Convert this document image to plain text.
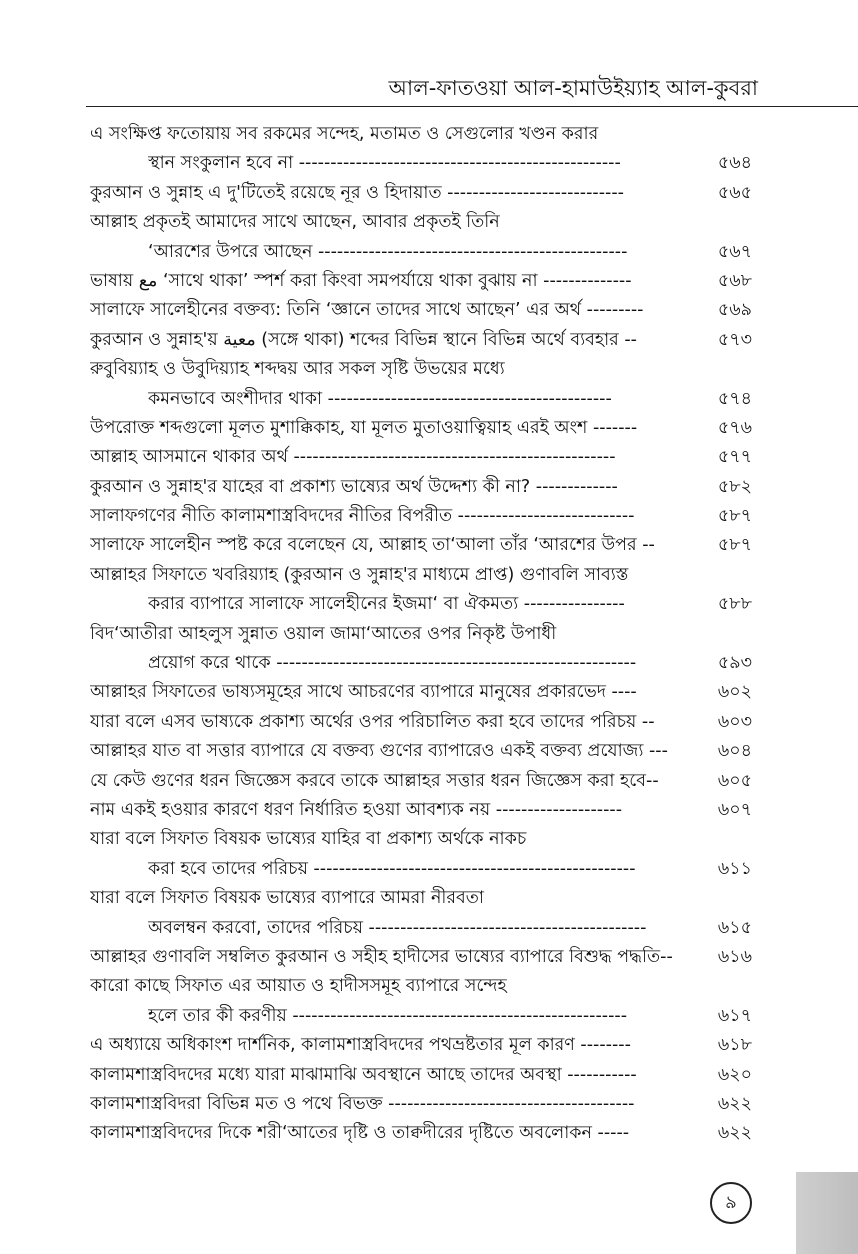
আল-ফাতওয়া আল-হামাউইয়্যাহ আল-কুবরা
এ সংক্ষিপ্ত ফতোয়ায় সব রকমের সন্দেহ, মতামত ও সেগুলোর খণ্ডন করার
স্থান সংকুলান হবে না ---------------------------------------------------	৫৬৪
কুরআন ও সুন্নাহ এ দু'টিতেই রয়েছে নূর ও হিদায়াত ----------------------------	৫৬৫
আল্লাহ প্রকৃতই আমাদের সাথে আছেন, আবার প্রকৃতই তিনি
‘আরশের উপরে আছেন -------------------------------------------------	৫৬৭
ভাষায় مع ‘সাথে থাকা’ স্পর্শ করা কিংবা সমপর্যায়ে থাকা বুঝায় না --------------	৫৬৮
সালাফে সালেহীনের বক্তব্য: তিনি ‘জ্ঞানে তাদের সাথে আছেন’ এর অর্থ ---------	৫৬৯
কুরআন ও সুন্নাহ'য় معية (সঙ্গে থাকা) শব্দের বিভিন্ন স্থানে বিভিন্ন অর্থে ব্যবহার --	৫৭৩
রুবুবিয়্যাহ ও উবুদিয়্যাহ শব্দদ্বয় আর সকল সৃষ্টি উভয়ের মধ্যে
কমনভাবে অংশীদার থাকা ---------------------------------------------	৫৭৪
উপরোক্ত শব্দগুলো মূলত মুশাক্কিকাহ, যা মূলত মুতাওয়াত্বিয়াহ এরই অংশ -------	৫৭৬
আল্লাহ আসমানে থাকার অর্থ ---------------------------------------------------	৫৭৭
কুরআন ও সুন্নাহ'র যাহের বা প্রকাশ্য ভাষ্যের অর্থ উদ্দেশ্য কী না? -------------	৫৮২
সালাফগণের নীতি কালামশাস্ত্রবিদদের নীতির বিপরীত ----------------------------	৫৮৭
সালাফে সালেহীন স্পষ্ট করে বলেছেন যে, আল্লাহ তা‘আলা তাঁর ‘আরশের উপর --	৫৮৭
আল্লাহর সিফাতে খবরিয়্যাহ (কুরআন ও সুন্নাহ'র মাধ্যমে প্রাপ্ত) গুণাবলি সাব্যস্ত
করার ব্যাপারে সালাফে সালেহীনের ইজমা‘ বা ঐকমত্য ----------------	৫৮৮
বিদ‘আতীরা আহলুস সুন্নাত ওয়াল জামা‘আতের ওপর নিকৃষ্ট উপাধী
প্রয়োগ করে থাকে ---------------------------------------------------------	৫৯৩
আল্লাহর সিফাতের ভাষ্যসমূহের সাথে আচরণের ব্যাপারে মানুষের প্রকারভেদ ----	৬০২
যারা বলে এসব ভাষ্যকে প্রকাশ্য অর্থের ওপর পরিচালিত করা হবে তাদের পরিচয় --	৬০৩
আল্লাহর যাত বা সত্তার ব্যাপারে যে বক্তব্য গুণের ব্যাপারেও একই বক্তব্য প্রযোজ্য ---	৬০৪
যে কেউ গুণের ধরন জিজ্ঞেস করবে তাকে আল্লাহর সত্তার ধরন জিজ্ঞেস করা হবে--	৬০৫
নাম একই হওয়ার কারণে ধরণ নির্ধারিত হওয়া আবশ্যক নয় --------------------	৬০৭
যারা বলে সিফাত বিষয়ক ভাষ্যের যাহির বা প্রকাশ্য অর্থকে নাকচ
করা হবে তাদের পরিচয় ---------------------------------------------------	৬১১
যারা বলে সিফাত বিষয়ক ভাষ্যের ব্যাপারে আমরা নীরবতা
অবলম্বন করবো, তাদের পরিচয় --------------------------------------------	৬১৫
আল্লাহর গুণাবলি সম্বলিত কুরআন ও সহীহ হাদীসের ভাষ্যের ব্যাপারে বিশুদ্ধ পদ্ধতি--	৬১৬
কারো কাছে সিফাত এর আয়াত ও হাদীসসমূহ ব্যাপারে সন্দেহ
হলে তার কী করণীয় -----------------------------------------------------	৬১৭
এ অধ্যায়ে অধিকাংশ দার্শনিক, কালামশাস্ত্রবিদদের পথভ্রষ্টতার মূল কারণ --------	৬১৮
কালামশাস্ত্রবিদদের মধ্যে যারা মাঝামাঝি অবস্থানে আছে তাদের অবস্থা -----------	৬২০
কালামশাস্ত্রবিদরা বিভিন্ন মত ও পথে বিভক্ত ---------------------------------------	৬২২
কালামশাস্ত্রবিদদের দিকে শরী‘আতের দৃষ্টি ও তাক্বদীরের দৃষ্টিতে অবলোকন -----	৬২২
৯
